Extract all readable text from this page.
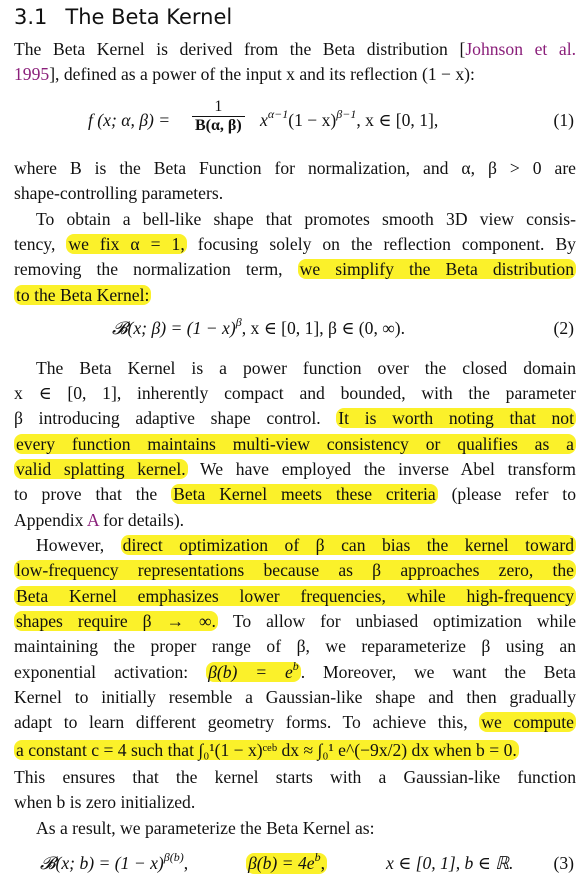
3.1 The Beta Kernel
The Beta Kernel is derived from the Beta distribution [Johnson et al.
1995], defined as a power of the input x and its reflection (1 − x):
f (x; α, $\beta) = \frac{1}{B(\alpha, \beta)} x^{\alpha-1}(1 - x)^{\beta-1}$, x ∈ [0, 1],	(1)
where B is the Beta Function for normalization, and α, β > 0 are
shape-controlling parameters.
To obtain a bell-like shape that promotes smooth 3D view consis-
tency, we fix α = 1, focusing solely on the reflection component. By
removing the normalization term, we simplify the Beta distribution
to the Beta Kernel:
𝓑(x; $\beta) = (1 - x)^\beta$, x ∈ [0, 1], β ∈ (0, ∞).	(2)
The Beta Kernel is a power function over the closed domain
x ∈ [0, 1], inherently compact and bounded, with the parameter
β introducing adaptive shape control. It is worth noting that not
every function maintains multi-view consistency or qualifies as a
valid splatting kernel. We have employed the inverse Abel transform
to prove that the Beta Kernel meets these criteria (please refer to
Appendix A for details).
However, direct optimization of β can bias the kernel toward
low-frequency representations because as β approaches zero, the
Beta Kernel emphasizes lower frequencies, while high-frequency
shapes require β → ∞. To allow for unbiased optimization while
maintaining the proper range of β, we reparameterize β using an
exponential activation: $\beta(b) = e^b$ . Moreover, we want the Beta
Kernel to initially resemble a Gaussian-like shape and then gradually
adapt to learn different geometry forms. To achieve this, we compute
a constant c = 4 such that ∫₀¹(1 − x)ᶜᵉᵇ dx ≈ ∫₀¹ e^(−9x/2) dx when b = 0.
This ensures that the kernel starts with a Gaussian-like function
when b is zero initialized.
As a result, we parameterize the Beta Kernel as:
𝓑(x; $b) = (1 - x)^{\beta(b)}$,	$\beta(b) = 4e^b$,	x ∈ [0, 1], b ∈ ℝ. (3)
